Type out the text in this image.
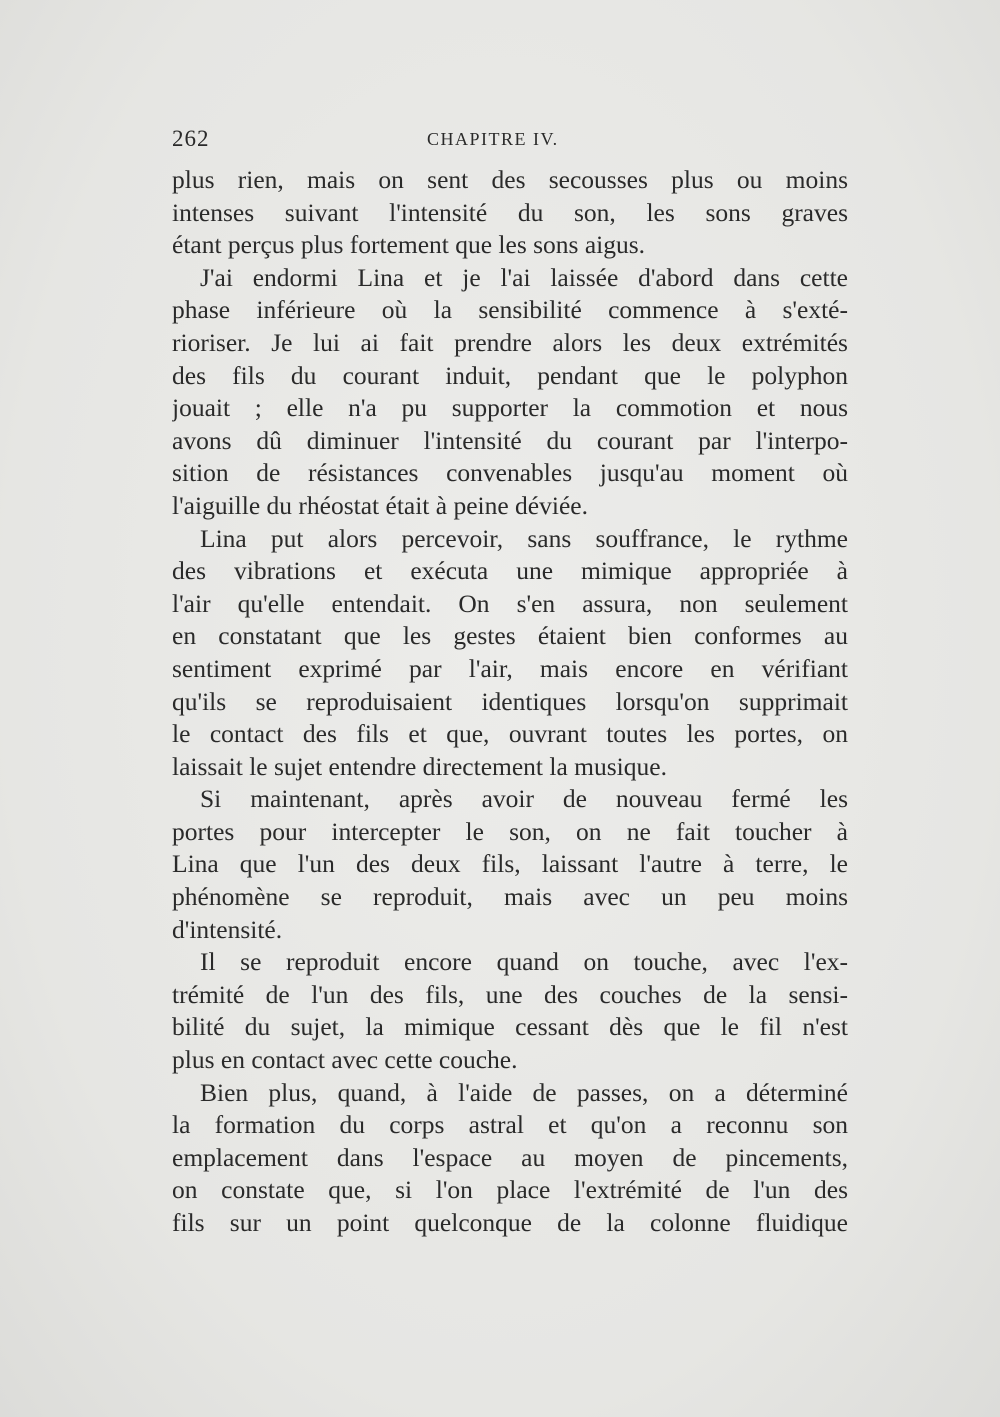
262	CHAPITRE IV.
plus rien, mais on sent des secousses plus ou moins
intenses suivant l'intensité du son, les sons graves
étant perçus plus fortement que les sons aigus.
J'ai endormi Lina et je l'ai laissée d'abord dans cette
phase inférieure où la sensibilité commence à s'exté-
rioriser. Je lui ai fait prendre alors les deux extrémités
des fils du courant induit, pendant que le polyphon
jouait ; elle n'a pu supporter la commotion et nous
avons dû diminuer l'intensité du courant par l'interpo-
sition de résistances convenables jusqu'au moment où
l'aiguille du rhéostat était à peine déviée.
Lina put alors percevoir, sans souffrance, le rythme
des vibrations et exécuta une mimique appropriée à
l'air qu'elle entendait. On s'en assura, non seulement
en constatant que les gestes étaient bien conformes au
sentiment exprimé par l'air, mais encore en vérifiant
qu'ils se reproduisaient identiques lorsqu'on supprimait
le contact des fils et que, ouvrant toutes les portes, on
laissait le sujet entendre directement la musique.
Si maintenant, après avoir de nouveau fermé les
portes pour intercepter le son, on ne fait toucher à
Lina que l'un des deux fils, laissant l'autre à terre, le
phénomène se reproduit, mais avec un peu moins
d'intensité.
Il se reproduit encore quand on touche, avec l'ex-
trémité de l'un des fils, une des couches de la sensi-
bilité du sujet, la mimique cessant dès que le fil n'est
plus en contact avec cette couche.
Bien plus, quand, à l'aide de passes, on a déterminé
la formation du corps astral et qu'on a reconnu son
emplacement dans l'espace au moyen de pincements,
on constate que, si l'on place l'extrémité de l'un des
fils sur un point quelconque de la colonne fluidique
